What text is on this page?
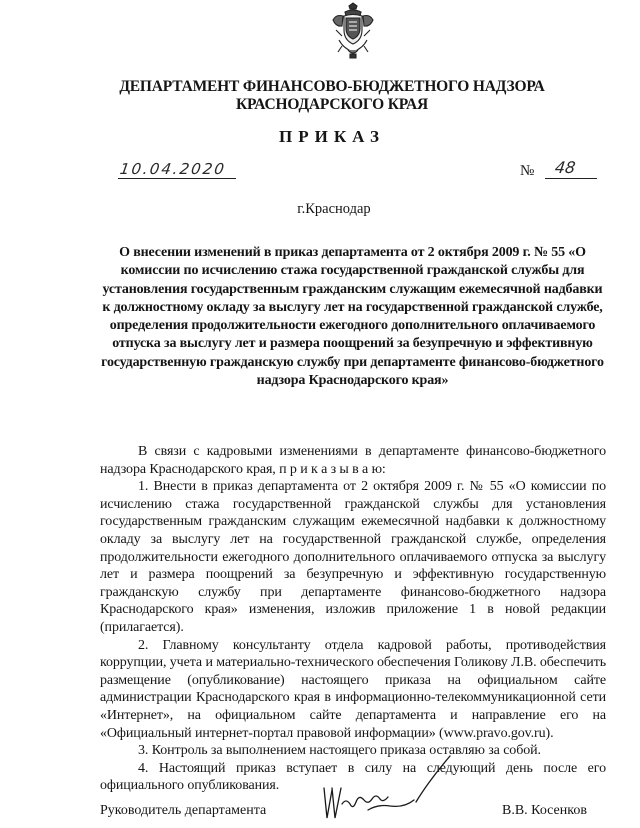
ДЕПАРТАМЕНТ ФИНАНСОВО-БЮДЖЕТНОГО НАДЗОРА
КРАСНОДАРСКОГО КРАЯ
ПРИКАЗ
10.04.2020	№ 48
г.Краснодар
О внесении изменений в приказ департамента от 2 октября 2009 г. № 55 «О комиссии по исчислению стажа государственной гражданской службы для установления государственным гражданским служащим ежемесячной надбавки к должностному окладу за выслугу лет на государственной гражданской службе, определения продолжительности ежегодного дополнительного оплачиваемого отпуска за выслугу лет и размера поощрений за безупречную и эффективную государственную гражданскую службу при департаменте финансово-бюджетного надзора Краснодарского края»

В связи с кадровыми изменениями в департаменте финансово-бюджетного надзора Краснодарского края, п р и к а з ы в а ю:

1. Внести в приказ департамента от 2 октября 2009 г. № 55 «О комиссии по исчислению стажа государственной гражданской службы для установления государственным гражданским служащим ежемесячной надбавки к должностному окладу за выслугу лет на государственной гражданской службе, определения продолжительности ежегодного дополнительного оплачиваемого отпуска за выслугу лет и размера поощрений за безупречную и эффективную государственную гражданскую службу при департаменте финансово-бюджетного надзора Краснодарского края» изменения, изложив приложение 1 в новой редакции (прилагается).

2. Главному консультанту отдела кадровой работы, противодействия коррупции, учета и материально-технического обеспечения Голикову Л.В. обеспечить размещение (опубликование) настоящего приказа на официальном сайте администрации Краснодарского края в информационно-телекоммуникационной сети «Интернет», на официальном сайте департамента и направление его на «Официальный интернет-портал правовой информации» (www.pravo.gov.ru).

3. Контроль за выполнением настоящего приказа оставляю за собой.

4. Настоящий приказ вступает в силу на следующий день после его официального опубликования.

Руководитель департамента	В.В. Косенков
